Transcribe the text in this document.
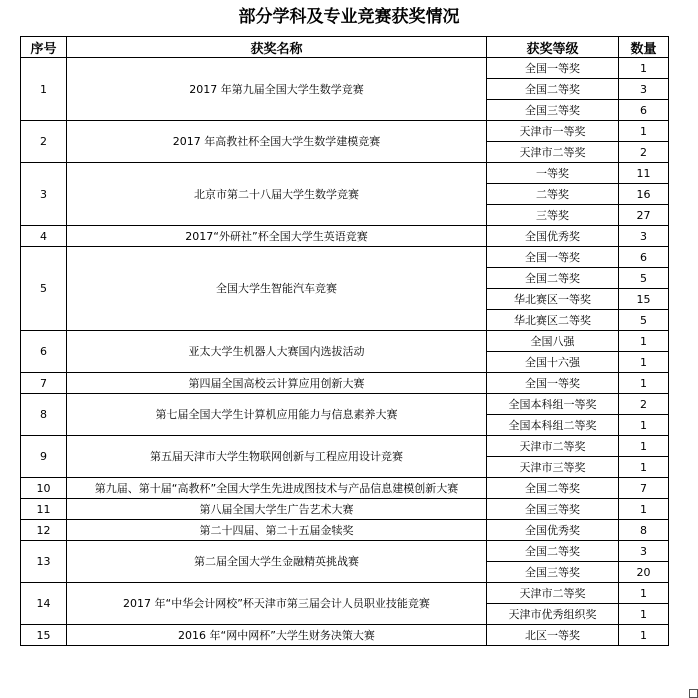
部分学科及专业竞赛获奖情况
序号	获奖名称	获奖等级	数量
1	2017 年第九届全国大学生数学竞赛	全国一等奖	1
		全国二等奖	3
		全国三等奖	6
2	2017 年高教社杯全国大学生数学建模竞赛	天津市一等奖	1
		天津市二等奖	2
3	北京市第二十八届大学生数学竞赛	一等奖	11
		二等奖	16
		三等奖	27
4	2017“外研社”杯全国大学生英语竞赛	全国优秀奖	3
5	全国大学生智能汽车竞赛	全国一等奖	6
		全国二等奖	5
		华北赛区一等奖	15
		华北赛区二等奖	5
6	亚太大学生机器人大赛国内选拔活动	全国八强	1
		全国十六强	1
7	第四届全国高校云计算应用创新大赛	全国一等奖	1
8	第七届全国大学生计算机应用能力与信息素养大赛	全国本科组一等奖	2
		全国本科组二等奖	1
9	第五届天津市大学生物联网创新与工程应用设计竞赛	天津市二等奖	1
		天津市三等奖	1
10	第九届、第十届“高教杯”全国大学生先进成图技术与产品信息建模创新大赛	全国二等奖	7
11	第八届全国大学生广告艺术大赛	全国三等奖	1
12	第二十四届、第二十五届金犊奖	全国优秀奖	8
13	第二届全国大学生金融精英挑战赛	全国二等奖	3
		全国三等奖	20
14	2017 年“中华会计网校”杯天津市第三届会计人员职业技能竞赛	天津市二等奖	1
		天津市优秀组织奖	1
15	2016 年“网中网杯”大学生财务决策大赛	北区一等奖	1
